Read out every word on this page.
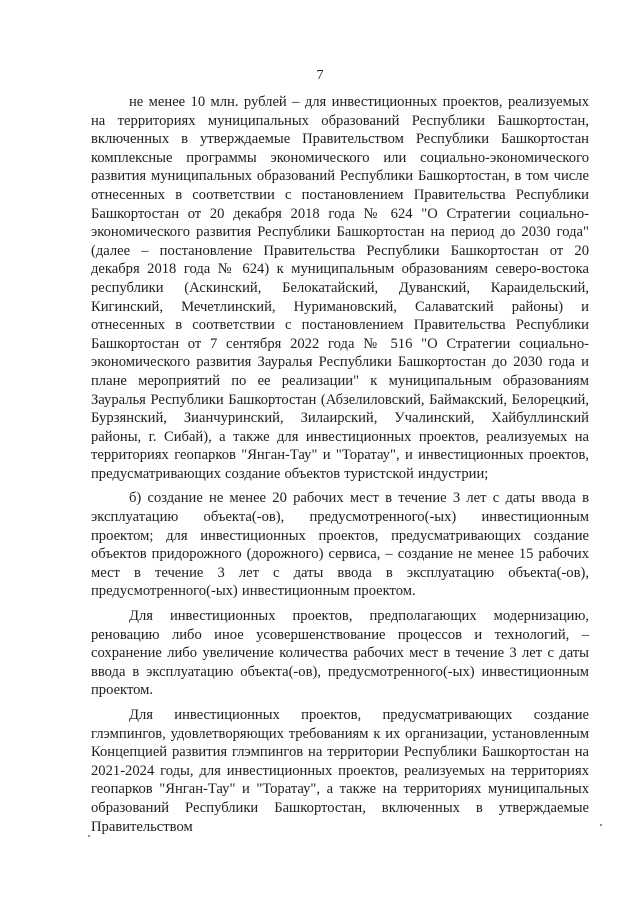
7

не менее 10 млн. рублей – для инвестиционных проектов, реализуемых на территориях муниципальных образований Республики Башкортостан, включенных в утверждаемые Правительством Республики Башкортостан комплексные программы экономического или социально-экономического развития муниципальных образований Республики Башкортостан, в том числе отнесенных в соответствии с постановлением Правительства Республики Башкортостан от 20 декабря 2018 года № 624 "О Стратегии социально-экономического развития Республики Башкортостан на период до 2030 года" (далее – постановление Правительства Республики Башкортостан от 20 декабря 2018 года № 624) к муниципальным образованиям северо-востока республики (Аскинский, Белокатайский, Дуванский, Караидельский, Кигинский, Мечетлинский, Нуримановский, Салаватский районы) и отнесенных в соответствии с постановлением Правительства Республики Башкортостан от 7 сентября 2022 года № 516 "О Стратегии социально-экономического развития Зауралья Республики Башкортостан до 2030 года и плане мероприятий по ее реализации" к муниципальным образованиям Зауралья Республики Башкортостан (Абзелиловский, Баймакский, Белорецкий, Бурзянский, Зианчуринский, Зилаирский, Учалинский, Хайбуллинский районы, г. Сибай), а также для инвестиционных проектов, реализуемых на территориях геопарков "Янган-Тау" и "Торатау", и инвестиционных проектов, предусматривающих создание объектов туристской индустрии;

б) создание не менее 20 рабочих мест в течение 3 лет с даты ввода в эксплуатацию объекта(-ов), предусмотренного(-ых) инвестиционным проектом; для инвестиционных проектов, предусматривающих создание объектов придорожного (дорожного) сервиса, – создание не менее 15 рабочих мест в течение 3 лет с даты ввода в эксплуатацию объекта(-ов), предусмотренного(-ых) инвестиционным проектом.

Для инвестиционных проектов, предполагающих модернизацию, реновацию либо иное усовершенствование процессов и технологий, – сохранение либо увеличение количества рабочих мест в течение 3 лет с даты ввода в эксплуатацию объекта(-ов), предусмотренного(-ых) инвестиционным проектом.

Для инвестиционных проектов, предусматривающих создание глэмпингов, удовлетворяющих требованиям к их организации, установленным Концепцией развития глэмпингов на территории Республики Башкортостан на 2021-2024 годы, для инвестиционных проектов, реализуемых на территориях геопарков "Янган-Тау" и "Торатау", а также на территориях муниципальных образований Республики Башкортостан, включенных в утверждаемые Правительством
